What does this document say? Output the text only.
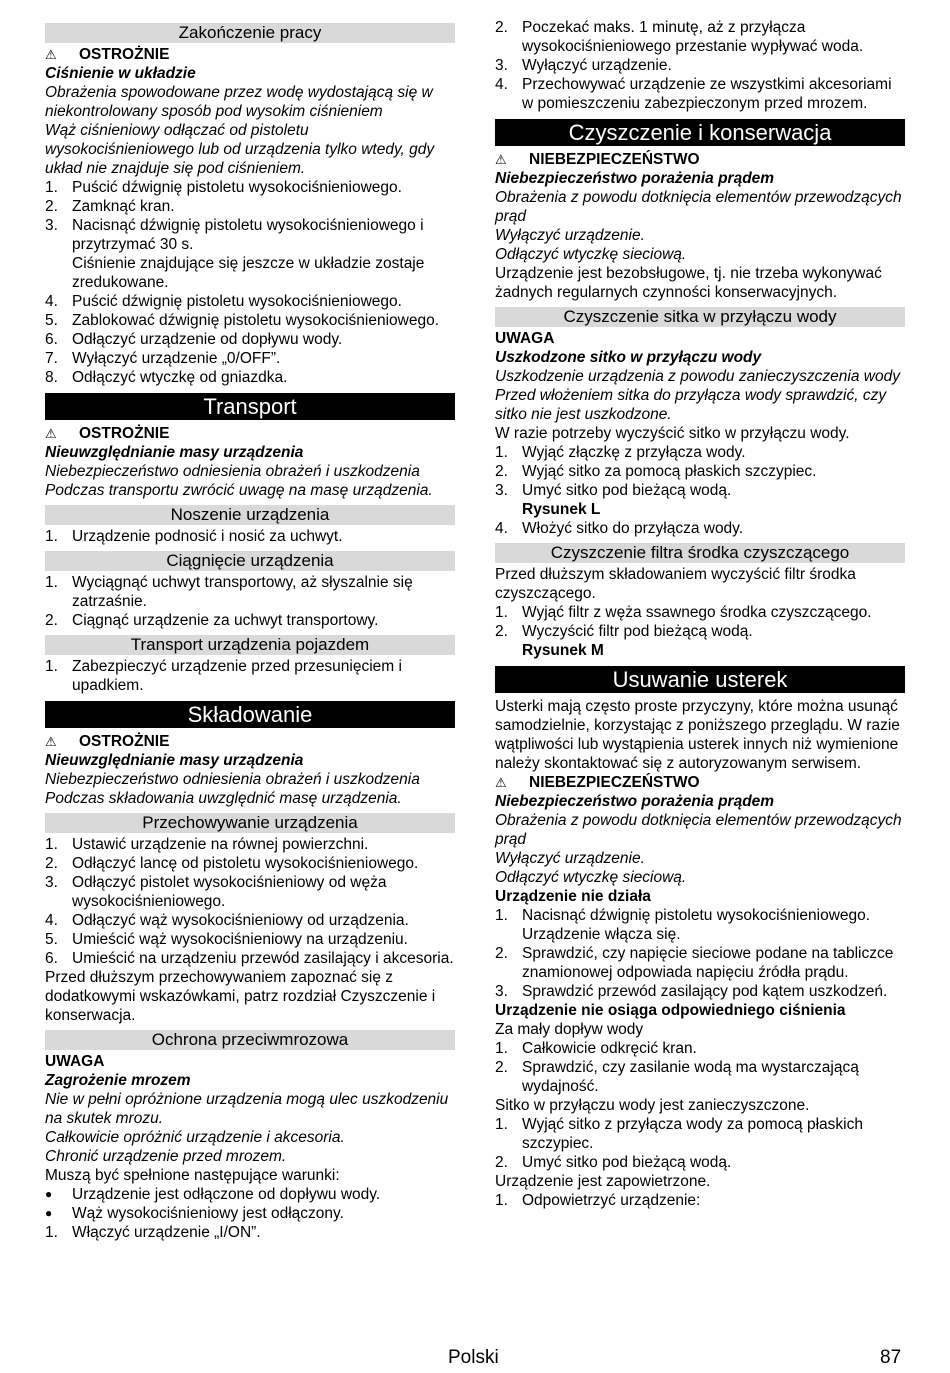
Zakończenie pracy
⚠	OSTROŻNIE
Ciśnienie w układzie
Obrażenia spowodowane przez wodę wydostającą się w niekontrolowany sposób pod wysokim ciśnieniem
Wąż ciśnieniowy odłączać od pistoletu wysokociśnieniowego lub od urządzenia tylko wtedy, gdy układ nie znajduje się pod ciśnieniem.
1. Puścić dźwignię pistoletu wysokociśnieniowego.
2. Zamknąć kran.
3. Nacisnąć dźwignię pistoletu wysokociśnieniowego i przytrzymać 30 s.
Ciśnienie znajdujące się jeszcze w układzie zostaje zredukowane.
4. Puścić dźwignię pistoletu wysokociśnieniowego.
5. Zablokować dźwignię pistoletu wysokociśnieniowego.
6. Odłączyć urządzenie od dopływu wody.
7. Wyłączyć urządzenie „0/OFF”.
8. Odłączyć wtyczkę od gniazdka.
Transport
⚠	OSTROŻNIE
Nieuwzględnianie masy urządzenia
Niebezpieczeństwo odniesienia obrażeń i uszkodzenia
Podczas transportu zwrócić uwagę na masę urządzenia.
Noszenie urządzenia
1. Urządzenie podnosić i nosić za uchwyt.
Ciągnięcie urządzenia
1. Wyciągnąć uchwyt transportowy, aż słyszalnie się zatrzaśnie.
2. Ciągnąć urządzenie za uchwyt transportowy.
Transport urządzenia pojazdem
1. Zabezpieczyć urządzenie przed przesunięciem i upadkiem.
Składowanie
⚠	OSTROŻNIE
Nieuwzględnianie masy urządzenia
Niebezpieczeństwo odniesienia obrażeń i uszkodzenia
Podczas składowania uwzględnić masę urządzenia.
Przechowywanie urządzenia
1. Ustawić urządzenie na równej powierzchni.
2. Odłączyć lancę od pistoletu wysokociśnieniowego.
3. Odłączyć pistolet wysokociśnieniowy od węża wysokociśnieniowego.
4. Odłączyć wąż wysokociśnieniowy od urządzenia.
5. Umieścić wąż wysokociśnieniowy na urządzeniu.
6. Umieścić na urządzeniu przewód zasilający i akcesoria.
Przed dłuższym przechowywaniem zapoznać się z dodatkowymi wskazówkami, patrz rozdział Czyszczenie i konserwacja.
Ochrona przeciwmrozowa
UWAGA
Zagrożenie mrozem
Nie w pełni opróżnione urządzenia mogą ulec uszkodzeniu na skutek mrozu.
Całkowicie opróżnić urządzenie i akcesoria.
Chronić urządzenie przed mrozem.
Muszą być spełnione następujące warunki:
●	Urządzenie jest odłączone od dopływu wody.
●	Wąż wysokociśnieniowy jest odłączony.
1. Włączyć urządzenie „I/ON”.
2. Poczekać maks. 1 minutę, aż z przyłącza wysokociśnieniowego przestanie wypływać woda.
3. Wyłączyć urządzenie.
4. Przechowywać urządzenie ze wszystkimi akcesoriami w pomieszczeniu zabezpieczonym przed mrozem.
Czyszczenie i konserwacja
⚠	NIEBEZPIECZEŃSTWO
Niebezpieczeństwo porażenia prądem
Obrażenia z powodu dotknięcia elementów przewodzących prąd
Wyłączyć urządzenie.
Odłączyć wtyczkę sieciową.
Urządzenie jest bezobsługowe, tj. nie trzeba wykonywać żadnych regularnych czynności konserwacyjnych.
Czyszczenie sitka w przyłączu wody
UWAGA
Uszkodzone sitko w przyłączu wody
Uszkodzenie urządzenia z powodu zanieczyszczenia wody
Przed włożeniem sitka do przyłącza wody sprawdzić, czy sitko nie jest uszkodzone.
W razie potrzeby wyczyścić sitko w przyłączu wody.
1. Wyjąć złączkę z przyłącza wody.
2. Wyjąć sitko za pomocą płaskich szczypiec.
3. Umyć sitko pod bieżącą wodą.
Rysunek L
4. Włożyć sitko do przyłącza wody.
Czyszczenie filtra środka czyszczącego
Przed dłuższym składowaniem wyczyścić filtr środka czyszczącego.
1. Wyjąć filtr z węża ssawnego środka czyszczącego.
2. Wyczyścić filtr pod bieżącą wodą.
Rysunek M
Usuwanie usterek
Usterki mają często proste przyczyny, które można usunąć samodzielnie, korzystając z poniższego przeglądu. W razie wątpliwości lub wystąpienia usterek innych niż wymienione należy skontaktować się z autoryzowanym serwisem.
⚠	NIEBEZPIECZEŃSTWO
Niebezpieczeństwo porażenia prądem
Obrażenia z powodu dotknięcia elementów przewodzących prąd
Wyłączyć urządzenie.
Odłączyć wtyczkę sieciową.
Urządzenie nie działa
1. Nacisnąć dźwignię pistoletu wysokociśnieniowego.
Urządzenie włącza się.
2. Sprawdzić, czy napięcie sieciowe podane na tabliczce znamionowej odpowiada napięciu źródła prądu.
3. Sprawdzić przewód zasilający pod kątem uszkodzeń.
Urządzenie nie osiąga odpowiedniego ciśnienia
Za mały dopływ wody
1. Całkowicie odkręcić kran.
2. Sprawdzić, czy zasilanie wodą ma wystarczającą wydajność.
Sitko w przyłączu wody jest zanieczyszczone.
1. Wyjąć sitko z przyłącza wody za pomocą płaskich szczypiec.
2. Umyć sitko pod bieżącą wodą.
Urządzenie jest zapowietrzone.
1. Odpowietrzyć urządzenie:
Polski	87
